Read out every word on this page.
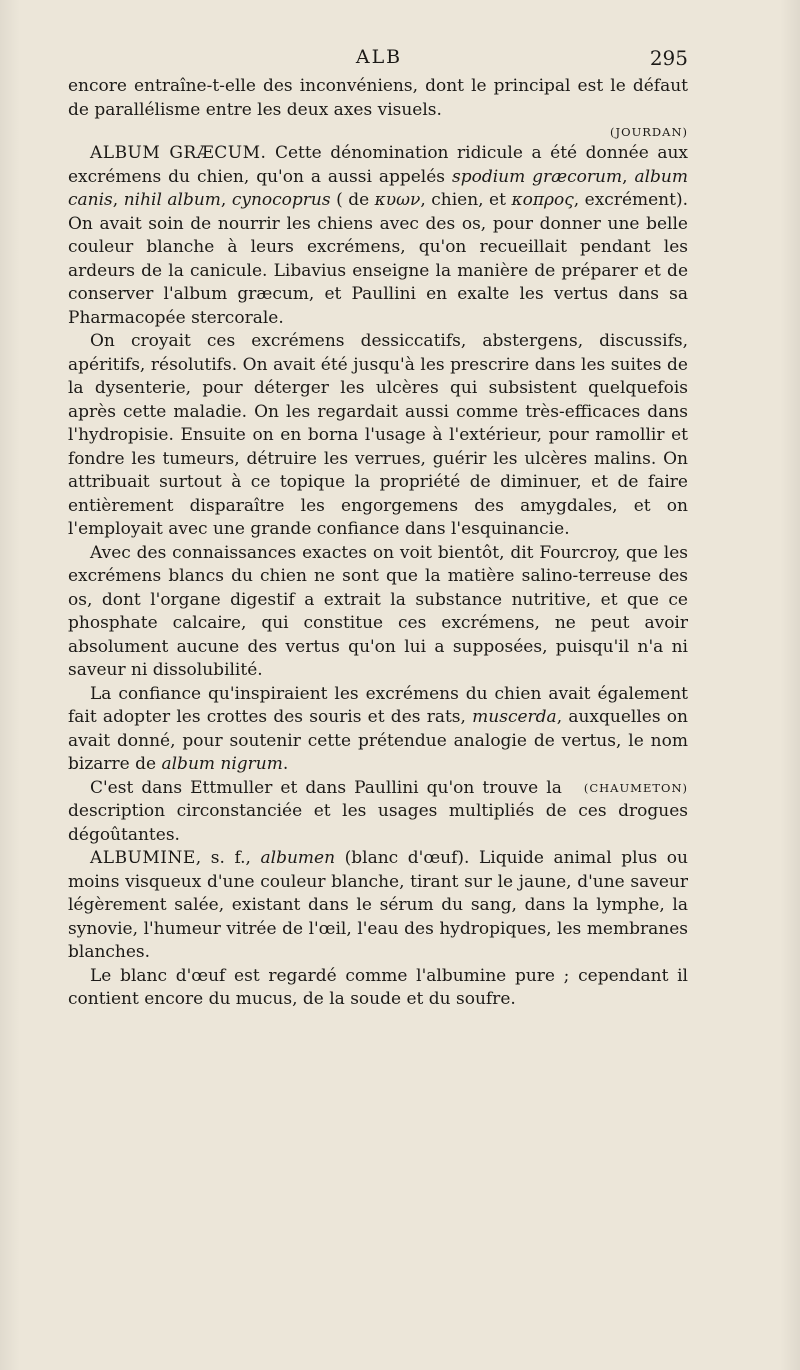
ALB	295

encore entraîne-t-elle des inconvéniens, dont le principal est le défaut de parallélisme entre les deux axes visuels.

(JOURDAN)

ALBUM GRÆCUM. Cette dénomination ridicule a été donnée aux excrémens du chien, qu'on a aussi appelés spodium græcorum, album canis, nihil album, cynocoprus ( de κυων, chien, et κοπρος, excrément). On avait soin de nourrir les chiens avec des os, pour donner une belle couleur blanche à leurs excrémens, qu'on recueillait pendant les ardeurs de la canicule. Libavius enseigne la manière de préparer et de conserver l'album græcum, et Paullini en exalte les vertus dans sa Pharmacopée stercorale.

On croyait ces excrémens dessiccatifs, abstergens, discussifs, apéritifs, résolutifs. On avait été jusqu'à les prescrire dans les suites de la dysenterie, pour déterger les ulcères qui subsistent quelquefois après cette maladie. On les regardait aussi comme très-efficaces dans l'hydropisie. Ensuite on en borna l'usage à l'extérieur, pour ramollir et fondre les tumeurs, détruire les verrues, guérir les ulcères malins. On attribuait surtout à ce topique la propriété de diminuer, et de faire entièrement disparaître les engorgemens des amygdales, et on l'employait avec une grande confiance dans l'esquinancie.

Avec des connaissances exactes on voit bientôt, dit Fourcroy, que les excrémens blancs du chien ne sont que la matière salino-terreuse des os, dont l'organe digestif a extrait la substance nutritive, et que ce phosphate calcaire, qui constitue ces excrémens, ne peut avoir absolument aucune des vertus qu'on lui a supposées, puisqu'il n'a ni saveur ni dissolubilité.

La confiance qu'inspiraient les excrémens du chien avait également fait adopter les crottes des souris et des rats, muscerda, auxquelles on avait donné, pour soutenir cette prétendue analogie de vertus, le nom bizarre de album nigrum.

(CHAUMETON)
C'est dans Ettmuller et dans Paullini qu'on trouve la description circonstanciée et les usages multipliés de ces drogues dégoûtantes.

ALBUMINE, s. f., albumen (blanc d'œuf). Liquide animal plus ou moins visqueux d'une couleur blanche, tirant sur le jaune, d'une saveur légèrement salée, existant dans le sérum du sang, dans la lymphe, la synovie, l'humeur vitrée de l'œil, l'eau des hydropiques, les membranes blanches.

Le blanc d'œuf est regardé comme l'albumine pure ; cependant il contient encore du mucus, de la soude et du soufre.
